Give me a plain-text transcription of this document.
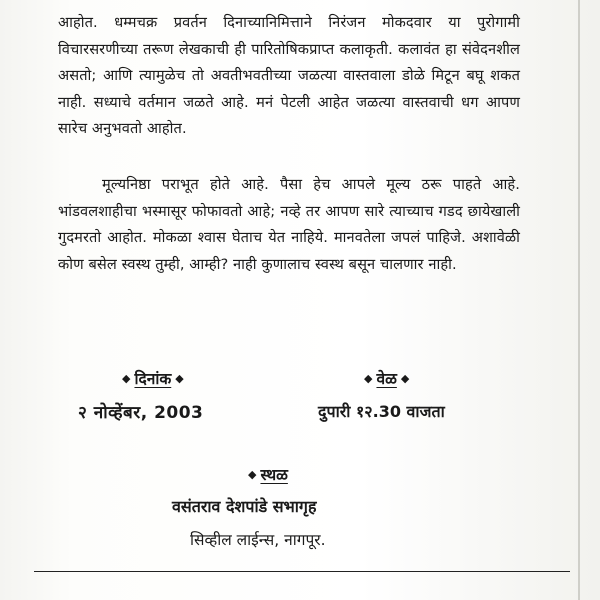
आहोत. धम्मचक्र प्रवर्तन दिनाच्यानिमित्ताने निरंजन मोकदवार या पुरोगामी विचारसरणीच्या तरूण लेखकाची ही पारितोषिकप्राप्त कलाकृती. कलावंत हा संवेदनशील असतो; आणि त्यामुळेच तो अवतीभवतीच्या जळत्या वास्तवाला डोळे मिटून बघू शकत नाही. सध्याचे वर्तमान जळते आहे. मनं पेटली आहेत जळत्या वास्तवाची धग आपण सारेच अनुभवतो आहोत.
मूल्यनिष्ठा पराभूत होते आहे. पैसा हेच आपले मूल्य ठरू पाहते आहे. भांडवलशाहीचा भस्मासूर फोफावतो आहे; नव्हे तर आपण सारे त्याच्याच गडद छायेखाली गुदमरतो आहोत. मोकळा श्वास घेताच येत नाहिये. मानवतेला जपलं पाहिजे. अशावेळी कोण बसेल स्वस्थ तुम्ही, आम्ही? नाही कुणालाच स्वस्थ बसून चालणार नाही.
◆ दिनांक ◆
२ नोव्हेंबर, 2003
◆ वेळ ◆
दुपारी १२.30 वाजता
◆ स्थळ
वसंतराव देशपांडे सभागृह
सिव्हील लाईन्स, नागपूर.
